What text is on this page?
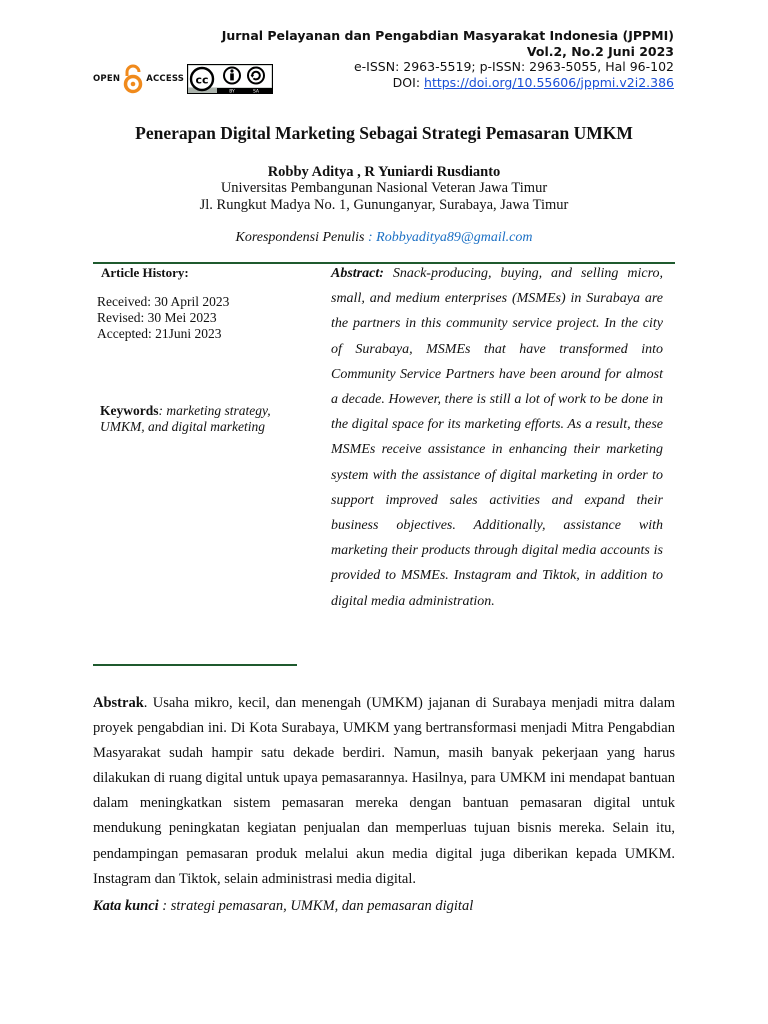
Jurnal Pelayanan dan Pengabdian Masyarakat Indonesia (JPPMI)
Vol.2, No.2 Juni 2023
e-ISSN: 2963-5519; p-ISSN: 2963-5055, Hal 96-102
DOI: https://doi.org/10.55606/jppmi.v2i2.386
OPEN	ACCESS cc
BY	SA
Penerapan Digital Marketing Sebagai Strategi Pemasaran UMKM
Robby Aditya , R Yuniardi Rusdianto
Universitas Pembangunan Nasional Veteran Jawa Timur
Jl. Rungkut Madya No. 1, Gununganyar, Surabaya, Jawa Timur
Korespondensi Penulis : Robbyaditya89@gmail.com
Article History:
Received: 30 April 2023
Revised: 30 Mei 2023
Accepted: 21Juni 2023
Keywords: marketing strategy, UMKM, and digital marketing
Abstract: Snack-producing, buying, and selling micro, small, and medium enterprises (MSMEs) in Surabaya are the partners in this community service project. In the city of Surabaya, MSMEs that have transformed into Community Service Partners have been around for almost a decade. However, there is still a lot of work to be done in the digital space for its marketing efforts. As a result, these MSMEs receive assistance in enhancing their marketing system with the assistance of digital marketing in order to support improved sales activities and expand their business objectives. Additionally, assistance with marketing their products through digital media accounts is provided to MSMEs. Instagram and Tiktok, in addition to digital media administration.
Abstrak. Usaha mikro, kecil, dan menengah (UMKM) jajanan di Surabaya menjadi mitra dalam proyek pengabdian ini. Di Kota Surabaya, UMKM yang bertransformasi menjadi Mitra Pengabdian Masyarakat sudah hampir satu dekade berdiri. Namun, masih banyak pekerjaan yang harus dilakukan di ruang digital untuk upaya pemasarannya. Hasilnya, para UMKM ini mendapat bantuan dalam meningkatkan sistem pemasaran mereka dengan bantuan pemasaran digital untuk mendukung peningkatan kegiatan penjualan dan memperluas tujuan bisnis mereka. Selain itu, pendampingan pemasaran produk melalui akun media digital juga diberikan kepada UMKM. Instagram dan Tiktok, selain administrasi media digital.
Kata kunci : strategi pemasaran, UMKM, dan pemasaran digital
